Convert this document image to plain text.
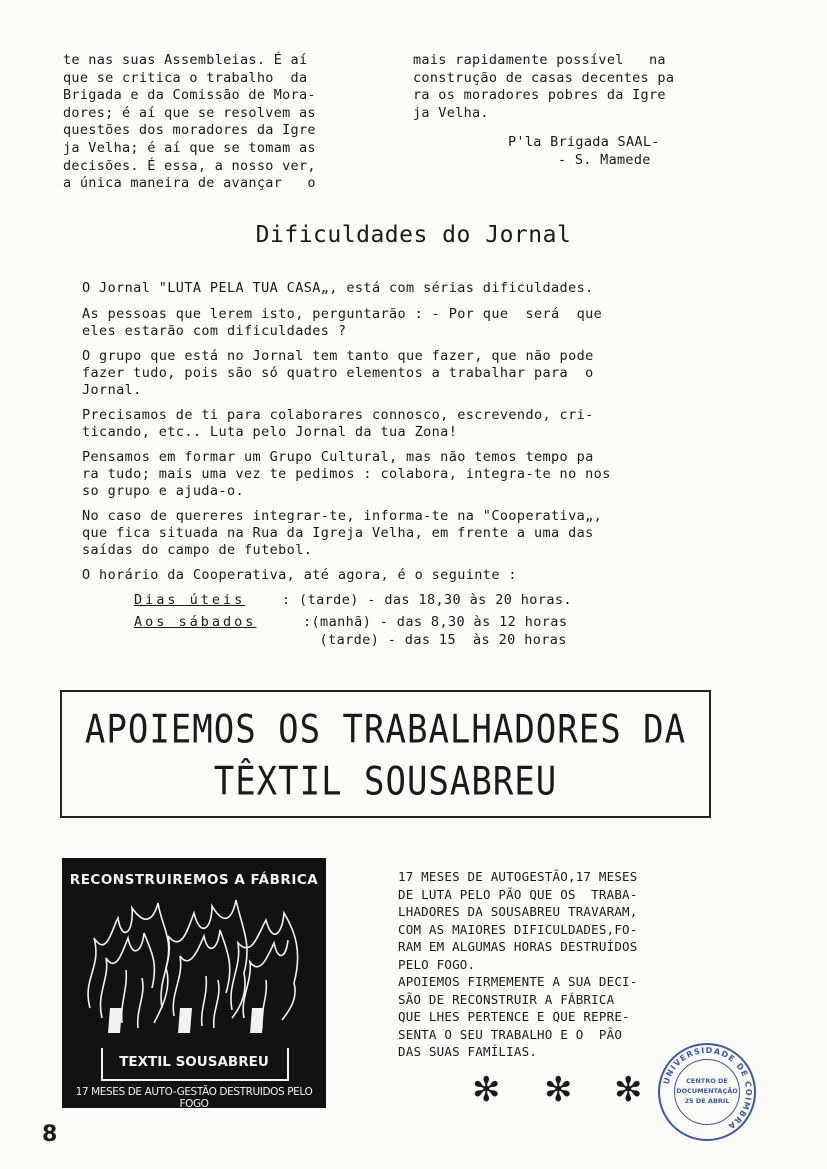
te nas suas Assembleias. É aí
que se critica o trabalho  da
Brigada e da Comissão de Mora-
dores; é aí que se resolvem as
questões dos moradores da Igre
ja Velha; é aí que se tomam as
decisões. É essa, a nosso ver,
a única maneira de avançar   o
mais rapidamente possível   na
construção de casas decentes pa
ra os moradores pobres da Igre
ja Velha.
P'la Brigada SAAL-
- S. Mamede
Dificuldades do Jornal
O Jornal "LUTA PELA TUA CASA„, está com sérias dificuldades.
As pessoas que lerem isto, perguntarão : - Por que  será  que
eles estarão com dificuldades ?
O grupo que está no Jornal tem tanto que fazer, que não pode
fazer tudo, pois são só quatro elementos a trabalhar para  o
Jornal.
Precisamos de ti para colaborares connosco, escrevendo, cri-
ticando, etc.. Luta pelo Jornal da tua Zona!
Pensamos em formar um Grupo Cultural, mas não temos tempo pa
ra tudo; mais uma vez te pedimos : colabora, integra-te no nos
so grupo e ajuda-o.
No caso de quereres integrar-te, informa-te na "Cooperativa„,
que fica situada na Rua da Igreja Velha, em frente a uma das
saídas do campo de futebol.
O horário da Cooperativa, até agora, é o seguinte :
Dias úteis	: (tarde) - das 18,30 às 20 horas.
Aos sábados	:(manhã) - das 8,30 às 12 horas
(tarde) - das 15  às 20 horas
APOIEMOS OS TRABALHADORES DA
TÊXTIL SOUSABREU
RECONSTRUIREMOS A FÁBRICA
TEXTIL SOUSABREU
17 MESES DE AUTO-GESTÃO DESTRUIDOS PELO FOGO
17 MESES DE AUTOGESTÃO,17 MESES
DE LUTA PELO PÃO QUE OS  TRABA-
LHADORES DA SOUSABREU TRAVARAM,
COM AS MAIORES DIFICULDADES,FO-
RAM EM ALGUMAS HORAS DESTRUÍDOS
PELO FOGO.
APOIEMOS FIRMEMENTE A SUA DECI-
SÃO DE RECONSTRUIR A FÁBRICA
QUE LHES PERTENCE E QUE REPRE-
SENTA O SEU TRABALHO E O  PÃO
DAS SUAS FAMÍLIAS.
✻ ✻ ✻
8
UNIVERSIDADE DE COIMBRA
CENTRO DE
DOCUMENTAÇÃO
25 DE ABRIL
